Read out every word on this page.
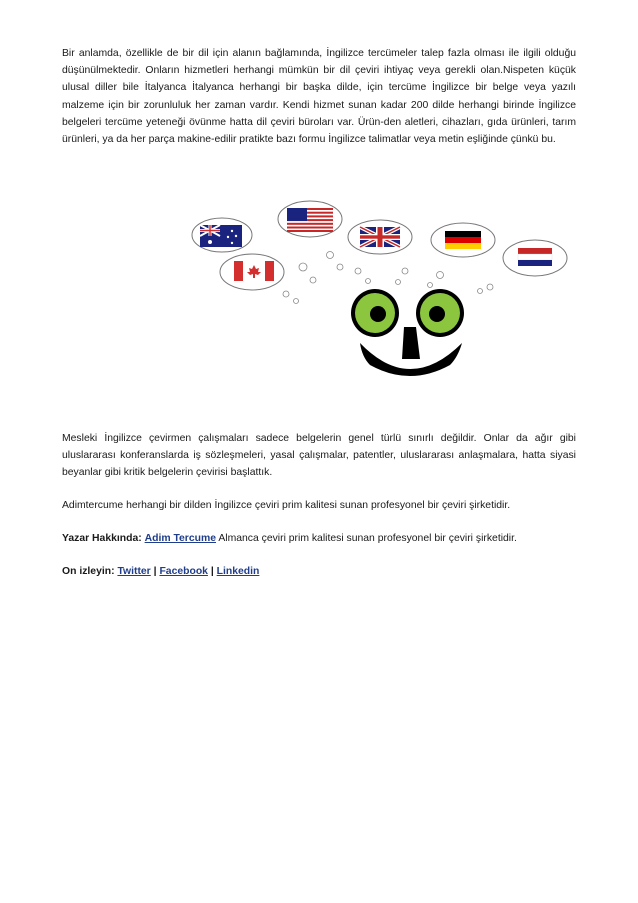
Bir anlamda, özellikle de bir dil için alanın bağlamında, İngilizce tercümeler talep fazla olması ile ilgili olduğu düşünülmektedir. Onların hizmetleri herhangi mümkün bir dil çeviri ihtiyaç veya gerekli olan.Nispeten küçük ulusal diller bile İtalyanca İtalyanca herhangi bir başka dilde, için tercüme İngilizce bir belge veya yazılı malzeme için bir zorunluluk her zaman vardır. Kendi hizmet sunan kadar 200 dilde herhangi birinde İngilizce belgeleri tercüme yeteneği övünme hatta dil çeviri büroları var. Ürün-den aletleri, cihazları, gıda ürünleri, tarım ürünleri, ya da her parça makine-edilir pratikte bazı formu İngilizce talimatlar veya metin eşliğinde çünkü bu.

Mesleki İngilizce çevirmen çalışmaları sadece belgelerin genel türlü sınırlı değildir. Onlar da ağır gibi uluslararası konferanslarda iş sözleşmeleri, yasal çalışmalar, patentler, uluslararası anlaşmalara, hatta siyasi beyanlar gibi kritik belgelerin çevirisi başlattık.

Adimtercume herhangi bir dilden İngilizce çeviri prim kalitesi sunan profesyonel bir çeviri şirketidir.

Yazar Hakkında: Adim Tercume Almanca çeviri prim kalitesi sunan profesyonel bir çeviri şirketidir.

On izleyin: Twitter | Facebook | Linkedin
